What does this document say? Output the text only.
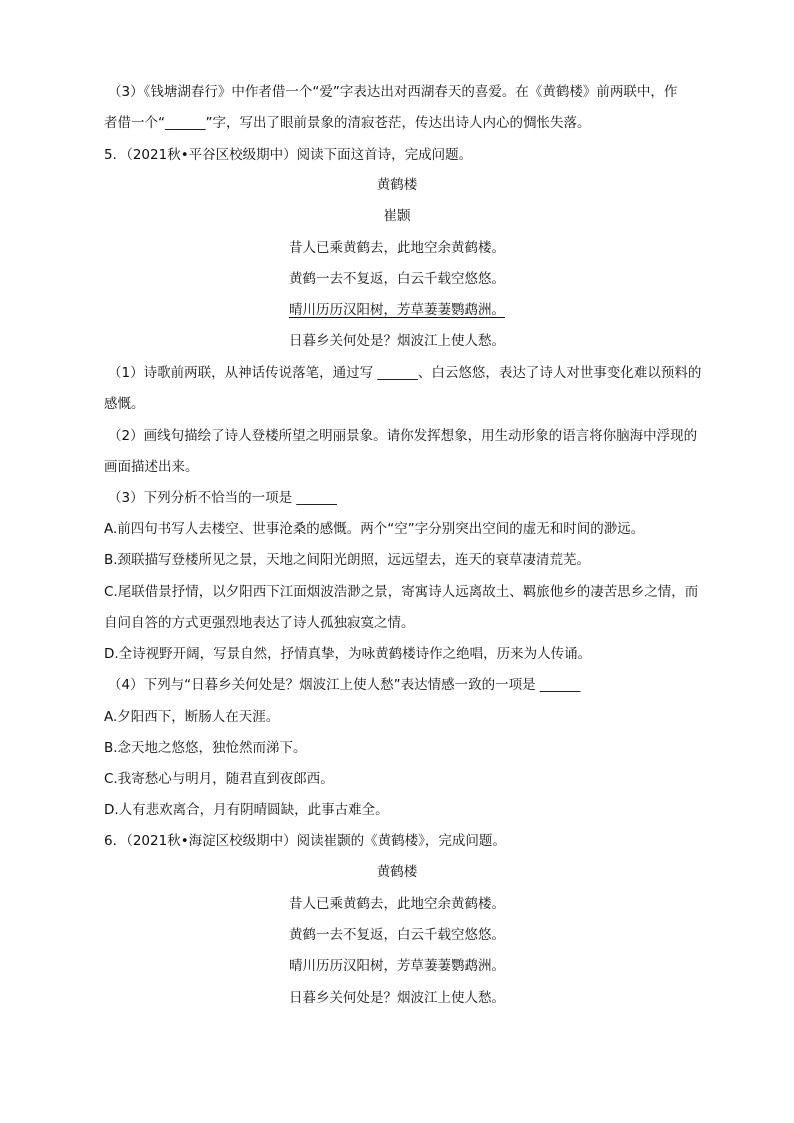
（3）《钱塘湖春行》中作者借一个“爱”字表达出对西湖春天的喜爱。在《黄鹤楼》前两联中，作
者借一个“______”字，写出了眼前景象的清寂苍茫，传达出诗人内心的惆怅失落。
5．（2021秋•平谷区校级期中）阅读下面这首诗，完成问题。
黄鹤楼
崔颢
昔人已乘黄鹤去，此地空余黄鹤楼。
黄鹤一去不复返，白云千载空悠悠。
晴川历历汉阳树，芳草萋萋鹦鹉洲。
日暮乡关何处是？烟波江上使人愁。
（1）诗歌前两联，从神话传说落笔，通过写 ______、白云悠悠，表达了诗人对世事变化难以预料的
感慨。
（2）画线句描绘了诗人登楼所望之明丽景象。请你发挥想象，用生动形象的语言将你脑海中浮现的
画面描述出来。
（3）下列分析不恰当的一项是 ______
A.前四句书写人去楼空、世事沧桑的感慨。两个“空”字分别突出空间的虚无和时间的渺远。
B.颈联描写登楼所见之景，天地之间阳光朗照，远远望去，连天的衰草凄清荒芜。
C.尾联借景抒情，以夕阳西下江面烟波浩渺之景，寄寓诗人远离故土、羁旅他乡的凄苦思乡之情，而
自问自答的方式更强烈地表达了诗人孤独寂寞之情。
D.全诗视野开阔，写景自然，抒情真挚，为咏黄鹤楼诗作之绝唱，历来为人传诵。
（4）下列与“日暮乡关何处是？烟波江上使人愁”表达情感一致的一项是 ______
A.夕阳西下，断肠人在天涯。
B.念天地之悠悠，独怆然而涕下。
C.我寄愁心与明月，随君直到夜郎西。
D.人有悲欢离合，月有阴晴圆缺，此事古难全。
6．（2021秋•海淀区校级期中）阅读崔颢的《黄鹤楼》，完成问题。
黄鹤楼
昔人已乘黄鹤去，此地空余黄鹤楼。
黄鹤一去不复返，白云千载空悠悠。
晴川历历汉阳树，芳草萋萋鹦鹉洲。
日暮乡关何处是？烟波江上使人愁。
